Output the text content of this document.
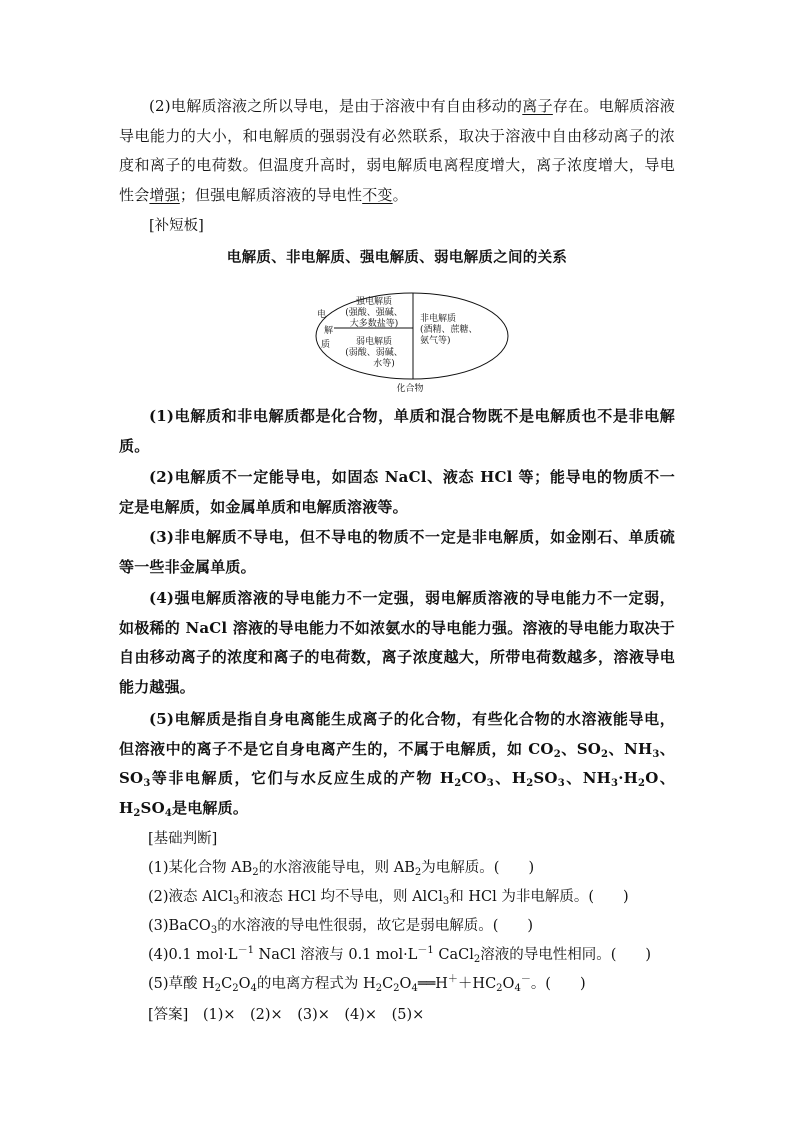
(2)电解质溶液之所以导电，是由于溶液中有自由移动的离子存在。电解质溶液导电能力的大小，和电解质的强弱没有必然联系，取决于溶液中自由移动离子的浓度和离子的电荷数。但温度升高时，弱电解质电离程度增大，离子浓度增大，导电性会增强；但强电解质溶液的导电性不变。

[补短板]
电解质、非电解质、强电解质、弱电解质之间的关系
电
解
质
强电解质
(强酸、强碱、
大多数盐等)
弱电解质
(弱酸、弱碱、
水等)
非电解质
(酒精、蔗糖、
氨气等)
化合物

(1)电解质和非电解质都是化合物，单质和混合物既不是电解质也不是非电解质。

(2)电解质不一定能导电，如固态 NaCl、液态 HCl 等；能导电的物质不一定是电解质，如金属单质和电解质溶液等。

(3)非电解质不导电，但不导电的物质不一定是非电解质，如金刚石、单质硫等一些非金属单质。

(4)强电解质溶液的导电能力不一定强，弱电解质溶液的导电能力不一定弱，如极稀的 NaCl 溶液的导电能力不如浓氨水的导电能力强。溶液的导电能力取决于自由移动离子的浓度和离子的电荷数，离子浓度越大，所带电荷数越多，溶液导电能力越强。

(5)电解质是指自身电离能生成离子的化合物，有些化合物的水溶液能导电，但溶液中的离子不是它自身电离产生的，不属于电解质，如 $CO_2$、$SO_2$、$NH_3$、$SO_3$等非电解质，它们与水反应生成的产物 $H_2CO_3$、$H_2SO_3$、$NH_3\cdot H_2O$、$H_2SO_4$是电解质。

[基础判断]
(1)某化合物 $AB_2$的水溶液能导电，则 $AB_2$为电解质。(　　)
(2)液态 AlCl$_3$和液态 HCl 均不导电，则 AlCl$_3$和 HCl 为非电解质。(　　)
(3)BaCO$_3$的水溶液的导电性很弱，故它是弱电解质。(　　)
(4)0.1 $mol\cdot L^{-1}$ NaCl 溶液与 0.1 $mol\cdot L^{-1}$ CaCl$_2$溶液的导电性相同。(　　)
(5)草酸 $H_2C_2O_4$的电离方程式为 $H_2C_2O_4══H^++HC_2O_4^-$。(　　)
[答案]　(1)×　(2)×　(3)×　(4)×　(5)×
